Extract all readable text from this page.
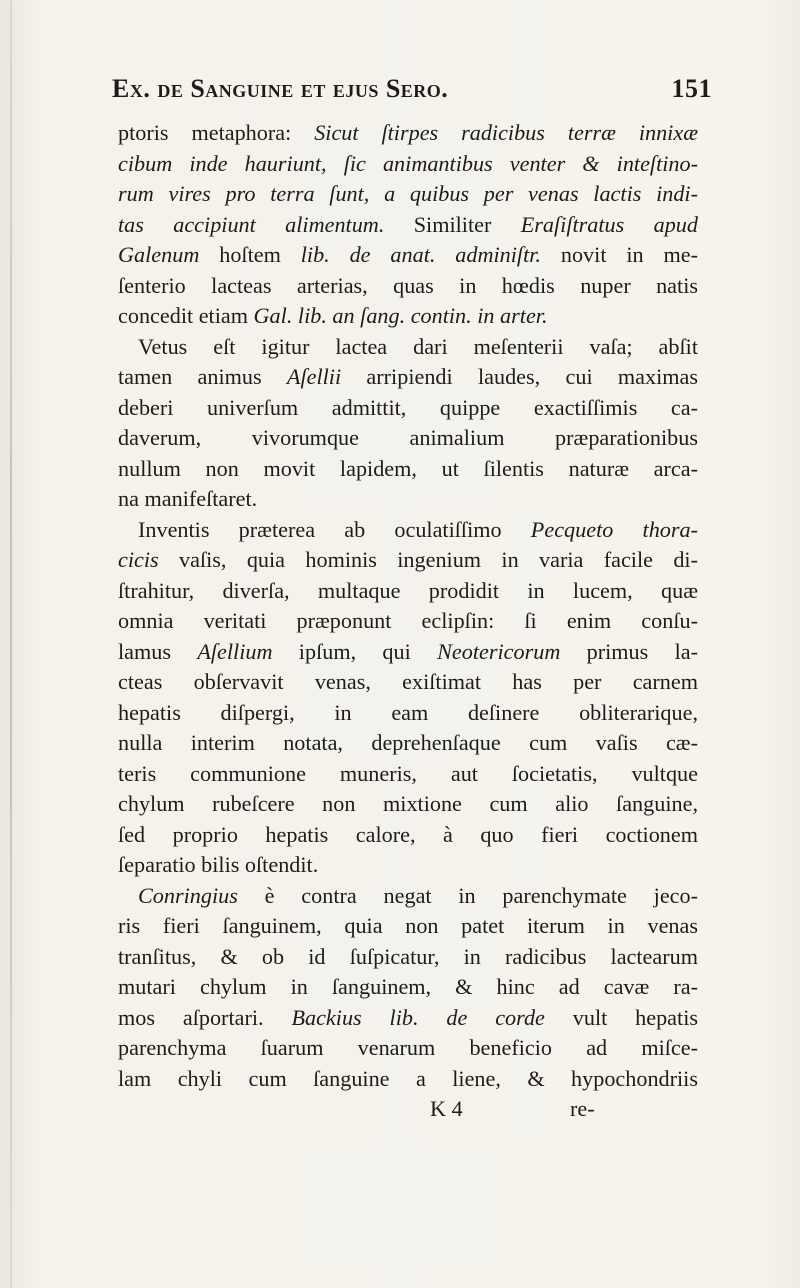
Ex. de Sanguine et ejus Sero.	151
ptoris metaphora: Sicut ſtirpes radicibus terræ innixæ
cibum inde hauriunt, ſic animantibus venter & inteſtino-
rum vires pro terra ſunt, a quibus per venas lactis indi-
tas accipiunt alimentum. Similiter Eraſiſtratus apud
Galenum hoſtem lib. de anat. adminiſtr. novit in me-
ſenterio lacteas arterias, quas in hœdis nuper natis
concedit etiam Gal. lib. an ſang. contin. in arter.
Vetus eſt igitur lactea dari meſenterii vaſa; abſit
tamen animus Aſellii arripiendi laudes, cui maximas
deberi univerſum admittit, quippe exactiſſimis ca-
daverum, vivorumque animalium præparationibus
nullum non movit lapidem, ut ſilentis naturæ arca-
na manifeſtaret.
Inventis præterea ab oculatiſſimo Pecqueto thora-
cicis vaſis, quia hominis ingenium in varia facile di-
ſtrahitur, diverſa, multaque prodidit in lucem, quæ
omnia veritati præponunt eclipſin: ſi enim conſu-
lamus Aſellium ipſum, qui Neotericorum primus la-
cteas obſervavit venas, exiſtimat has per carnem
hepatis diſpergi, in eam deſinere obliterarique,
nulla interim notata, deprehenſaque cum vaſis cæ-
teris communione muneris, aut ſocietatis, vultque
chylum rubeſcere non mixtione cum alio ſanguine,
ſed proprio hepatis calore, à quo fieri coctionem
ſeparatio bilis oſtendit.
Conringius è contra negat in parenchymate jeco-
ris fieri ſanguinem, quia non patet iterum in venas
tranſitus, & ob id ſuſpicatur, in radicibus lactearum
mutari chylum in ſanguinem, & hinc ad cavæ ra-
mos aſportari. Backius lib. de corde vult hepatis
parenchyma ſuarum venarum beneficio ad miſce-
lam chyli cum ſanguine a liene, & hypochondriis
K 4	re-
